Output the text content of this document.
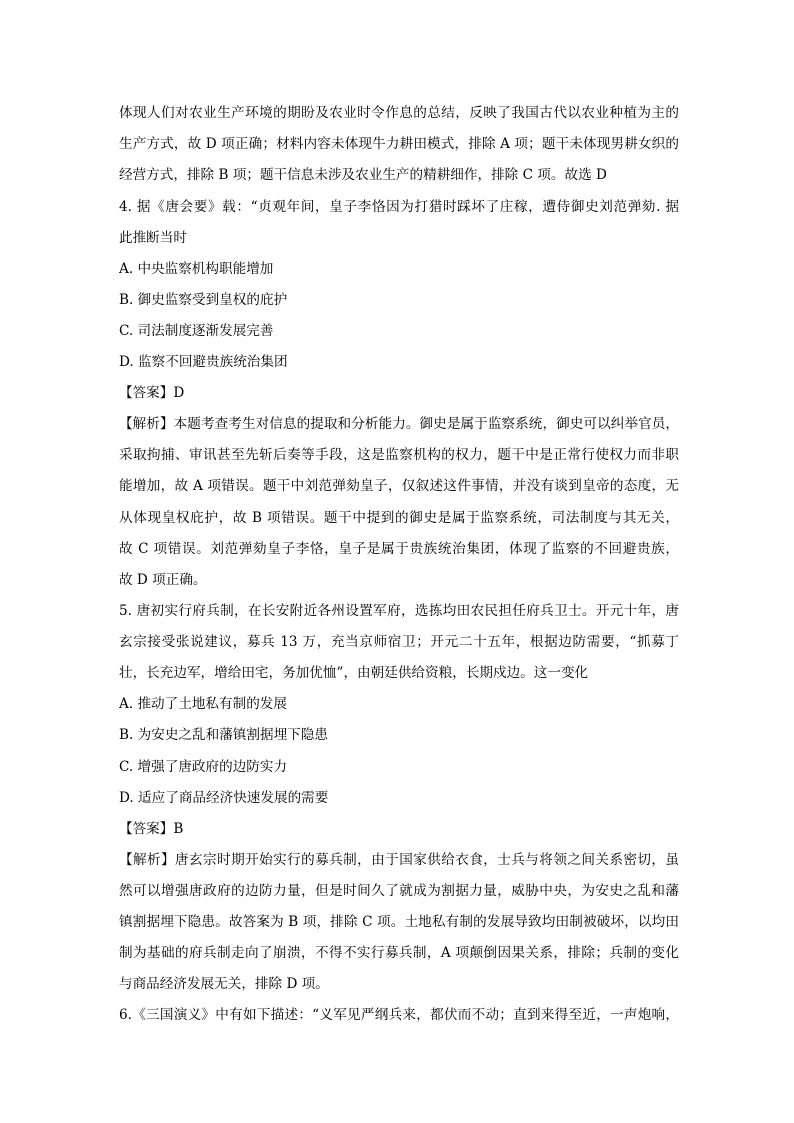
体现人们对农业生产环境的期盼及农业时令作息的总结，反映了我国古代以农业种植为主的
生产方式，故 D 项正确；材料内容未体现牛力耕田模式，排除 A 项；题干未体现男耕女织的
经营方式，排除 B 项；题干信息未涉及农业生产的精耕细作，排除 C 项。故选 D
4. 据《唐会要》载：“贞观年间，皇子李恪因为打猎时踩坏了庄稼，遭侍御史刘范弹劾. 据
此推断当时
A. 中央监察机构职能增加
B. 御史监察受到皇权的庇护
C. 司法制度逐渐发展完善
D. 监察不回避贵族统治集团
【答案】D
【解析】本题考查考生对信息的提取和分析能力。御史是属于监察系统，御史可以纠举官员，
采取拘捕、审讯甚至先斩后奏等手段，这是监察机构的权力，题干中是正常行使权力而非职
能增加，故 A 项错误。题干中刘范弹劾皇子，仅叙述这件事情，并没有谈到皇帝的态度，无
从体现皇权庇护，故 B 项错误。题干中提到的御史是属于监察系统，司法制度与其无关，
故 C 项错误。刘范弹劾皇子李恪，皇子是属于贵族统治集团，体现了监察的不回避贵族，
故 D 项正确。
5. 唐初实行府兵制，在长安附近各州设置军府，选拣均田农民担任府兵卫士。开元十年，唐
玄宗接受张说建议，募兵 13 万，充当京师宿卫；开元二十五年，根据边防需要，“抓募丁
壮，长充边军，增给田宅，务加优恤”，由朝廷供给资粮，长期戍边。这一变化
A. 推动了土地私有制的发展
B. 为安史之乱和藩镇割据埋下隐患
C. 增强了唐政府的边防实力
D. 适应了商品经济快速发展的需要
【答案】B
【解析】唐玄宗时期开始实行的募兵制，由于国家供给衣食，士兵与将领之间关系密切，虽
然可以增强唐政府的边防力量，但是时间久了就成为割据力量，威胁中央，为安史之乱和藩
镇割据埋下隐患。故答案为 B 项，排除 C 项。土地私有制的发展导致均田制被破坏，以均田
制为基础的府兵制走向了崩溃，不得不实行募兵制，A 项颠倒因果关系，排除；兵制的变化
与商品经济发展无关，排除 D 项。
6.《三国演义》中有如下描述：“义军见严纲兵来，都伏而不动；直到来得至近，一声炮响，
